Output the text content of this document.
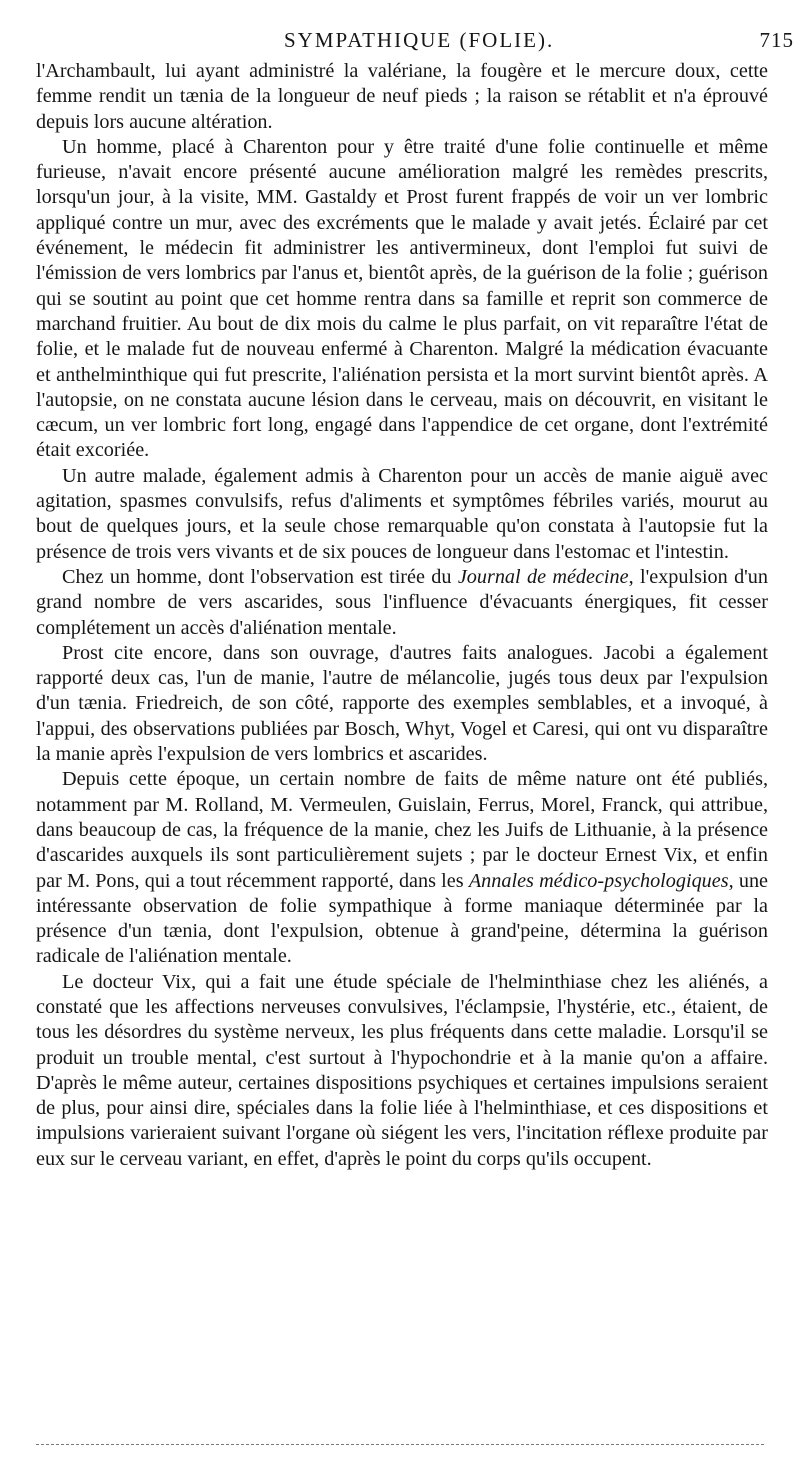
SYMPATHIQUE (FOLIE).	715

l'Archambault, lui ayant administré la valériane, la fougère et le mercure doux, cette femme rendit un tænia de la longueur de neuf pieds ; la raison se rétablit et n'a éprouvé depuis lors aucune altération.

Un homme, placé à Charenton pour y être traité d'une folie continuelle et même furieuse, n'avait encore présenté aucune amélioration malgré les remèdes prescrits, lorsqu'un jour, à la visite, MM. Gastaldy et Prost furent frappés de voir un ver lombric appliqué contre un mur, avec des excréments que le malade y avait jetés. Éclairé par cet événement, le médecin fit administrer les antivermineux, dont l'emploi fut suivi de l'émission de vers lombrics par l'anus et, bientôt après, de la guérison de la folie ; guérison qui se soutint au point que cet homme rentra dans sa famille et reprit son commerce de marchand fruitier. Au bout de dix mois du calme le plus parfait, on vit reparaître l'état de folie, et le malade fut de nouveau enfermé à Charenton. Malgré la médication évacuante et anthelminthique qui fut prescrite, l'aliénation persista et la mort survint bientôt après. A l'autopsie, on ne constata aucune lésion dans le cerveau, mais on découvrit, en visitant le cæcum, un ver lombric fort long, engagé dans l'appendice de cet organe, dont l'extrémité était excoriée.

Un autre malade, également admis à Charenton pour un accès de manie aiguë avec agitation, spasmes convulsifs, refus d'aliments et symptômes fébriles variés, mourut au bout de quelques jours, et la seule chose remarquable qu'on constata à l'autopsie fut la présence de trois vers vivants et de six pouces de longueur dans l'estomac et l'intestin.

Chez un homme, dont l'observation est tirée du Journal de médecine, l'expulsion d'un grand nombre de vers ascarides, sous l'influence d'évacuants énergiques, fit cesser complétement un accès d'aliénation mentale.

Prost cite encore, dans son ouvrage, d'autres faits analogues. Jacobi a également rapporté deux cas, l'un de manie, l'autre de mélancolie, jugés tous deux par l'expulsion d'un tænia. Friedreich, de son côté, rapporte des exemples semblables, et a invoqué, à l'appui, des observations publiées par Bosch, Whyt, Vogel et Caresi, qui ont vu disparaître la manie après l'expulsion de vers lombrics et ascarides.

Depuis cette époque, un certain nombre de faits de même nature ont été publiés, notamment par M. Rolland, M. Vermeulen, Guislain, Ferrus, Morel, Franck, qui attribue, dans beaucoup de cas, la fréquence de la manie, chez les Juifs de Lithuanie, à la présence d'ascarides auxquels ils sont particulièrement sujets ; par le docteur Ernest Vix, et enfin par M. Pons, qui a tout récemment rapporté, dans les Annales médico-psychologiques, une intéressante observation de folie sympathique à forme maniaque déterminée par la présence d'un tænia, dont l'expulsion, obtenue à grand'peine, détermina la guérison radicale de l'aliénation mentale.

Le docteur Vix, qui a fait une étude spéciale de l'helminthiase chez les aliénés, a constaté que les affections nerveuses convulsives, l'éclampsie, l'hystérie, etc., étaient, de tous les désordres du système nerveux, les plus fréquents dans cette maladie. Lorsqu'il se produit un trouble mental, c'est surtout à l'hypochondrie et à la manie qu'on a affaire. D'après le même auteur, certaines dispositions psychiques et certaines impulsions seraient de plus, pour ainsi dire, spéciales dans la folie liée à l'helminthiase, et ces dispositions et impulsions varieraient suivant l'organe où siégent les vers, l'incitation réflexe produite par eux sur le cerveau variant, en effet, d'après le point du corps qu'ils occupent.
